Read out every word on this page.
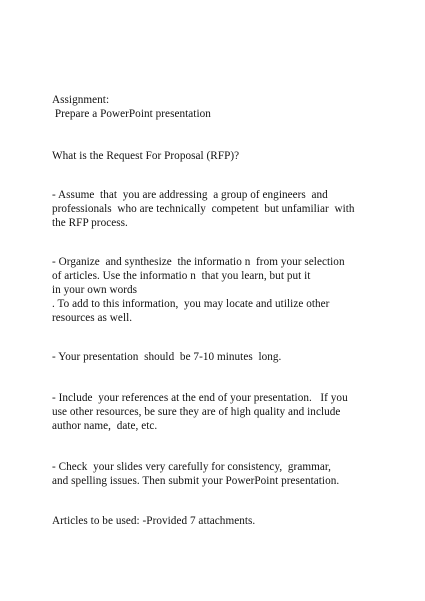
Assignment:
Prepare a PowerPoint presentation
What is the Request For Proposal (RFP)?
- Assume  that  you are addressing  a group of engineers  and
professionals  who are technically  competent  but unfamiliar  with
the RFP process.
- Organize  and synthesize  the informatio n  from your selection
of articles. Use the informatio n  that you learn, but put it
in your own words
. To add to this information,  you may locate and utilize other
resources as well.
- Your presentation  should  be 7-10 minutes  long.
- Include  your references at the end of your presentation.   If you
use other resources, be sure they are of high quality and include
author name,  date, etc.
- Check  your slides very carefully for consistency,  grammar,
and spelling issues. Then submit your PowerPoint presentation.
Articles to be used: -Provided 7 attachments.
